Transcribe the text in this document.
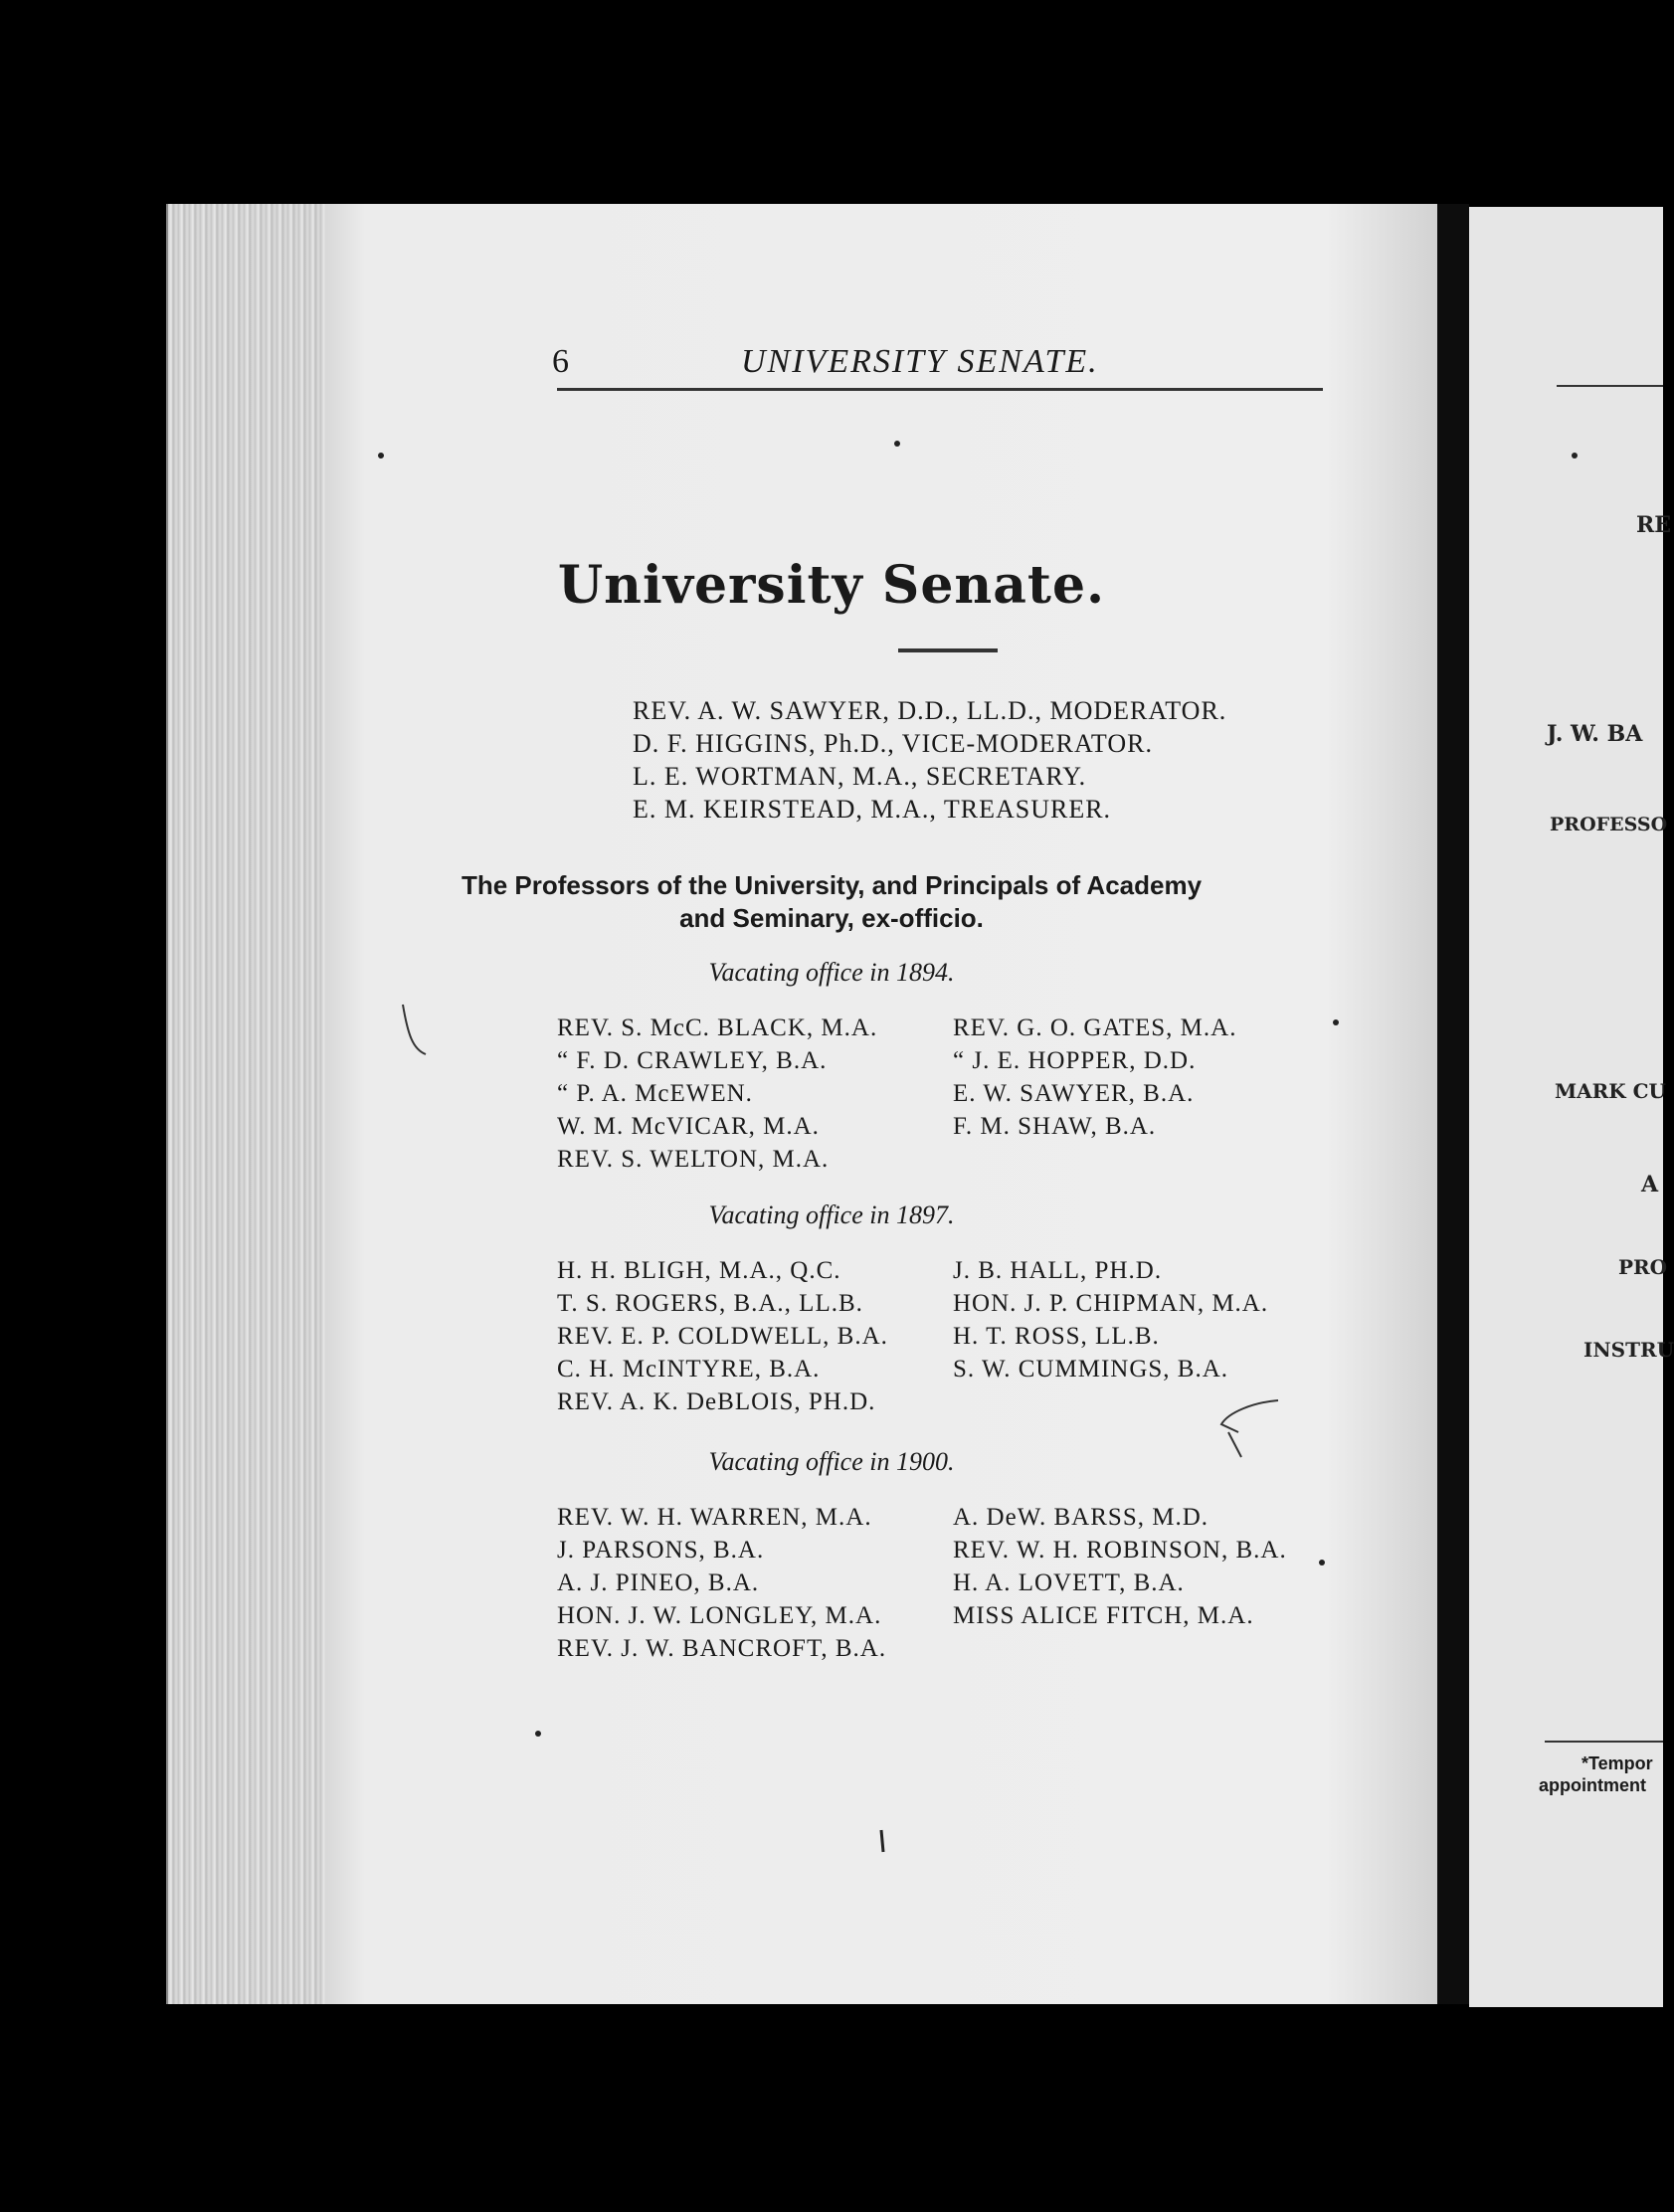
6	UNIVERSITY SENATE.
University Senate.
REV. A. W. SAWYER, D.D., LL.D., MODERATOR.
D. F. HIGGINS, Ph.D., VICE-MODERATOR.
L. E. WORTMAN, M.A., SECRETARY.
E. M. KEIRSTEAD, M.A., TREASURER.
The Professors of the University, and Principals of Academy
and Seminary, ex-officio.
Vacating office in 1894.
REV. S. McC. BLACK, M.A.
“ F. D. CRAWLEY, B.A.
“ P. A. McEWEN.
W. M. McVICAR, M.A.
REV. S. WELTON, M.A.
REV. G. O. GATES, M.A.
“ J. E. HOPPER, D.D.
E. W. SAWYER, B.A.
F. M. SHAW, B.A.
Vacating office in 1897.
H. H. BLIGH, M.A., Q.C.
T. S. ROGERS, B.A., LL.B.
REV. E. P. COLDWELL, B.A.
C. H. McINTYRE, B.A.
REV. A. K. DeBLOIS, PH.D.
J. B. HALL, PH.D.
HON. J. P. CHIPMAN, M.A.
H. T. ROSS, LL.B.
S. W. CUMMINGS, B.A.
Vacating office in 1900.
REV. W. H. WARREN, M.A.
J. PARSONS, B.A.
A. J. PINEO, B.A.
HON. J. W. LONGLEY, M.A.
REV. J. W. BANCROFT, B.A.
A. DeW. BARSS, M.D.
REV. W. H. ROBINSON, B.A.
H. A. LOVETT, B.A.
MISS ALICE FITCH, M.A.
RE
J. W. BA
PROFESSO
MARK CU
A
PRO
INSTRU
*Tempor
appointment
